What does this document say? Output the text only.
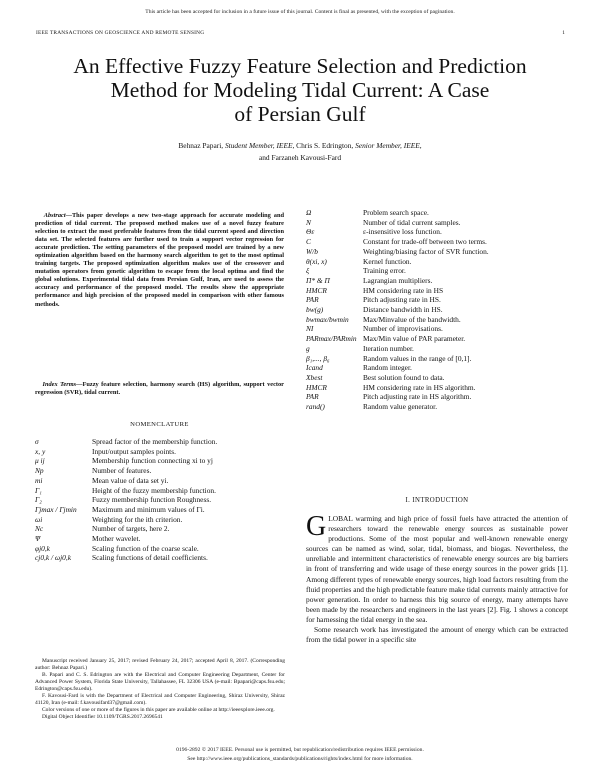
This article has been accepted for inclusion in a future issue of this journal. Content is final as presented, with the exception of pagination.
IEEE TRANSACTIONS ON GEOSCIENCE AND REMOTE SENSING	1
An Effective Fuzzy Feature Selection and Prediction
Method for Modeling Tidal Current: A Case
of Persian Gulf
Behnaz Papari, Student Member, IEEE, Chris S. Edrington, Senior Member, IEEE,
and Farzaneh Kavousi-Fard
Abstract—This paper develops a new two-stage approach for accurate modeling and prediction of tidal current. The proposed method makes use of a novel fuzzy feature selection to extract the most preferable features from the tidal current speed and direction data set. The selected features are further used to train a support vector regression for accurate prediction. The setting parameters of the proposed model are trained by a new optimization algorithm based on the harmony search algorithm to get to the most optimal training targets. The proposed optimization algorithm makes use of the crossover and mutation operators from genetic algorithm to escape from the local optima and find the global solutions. Experimental tidal data from Persian Gulf, Iran, are used to assess the accuracy and performance of the proposed model. The results show the appropriate performance and high precision of the proposed model in comparison with other famous methods.
Index Terms—Fuzzy feature selection, harmony search (HS) algorithm, support vector regression (SVR), tidal current.
NOMENCLATURE
σ	Spread factor of the membership function.
x, y	Input/output samples points.
μ ij	Membership function connecting xi to yj
Np	Number of features.
mi	Mean value of data set yi.
Γ₁	Height of the fuzzy membership function.
Γ₂	Fuzzy membership function Roughness.
Γjmax / Γjmin	Maximum and minimum values of Γi.
ωi	Weighting for the ith criterion.
Nc	Number of targets, here 2.
Ψ	Mother wavelet.
φj0,k	Scaling function of the coarse scale.
cj0,k / ωj0,k	Scaling functions of detail coefficients.
Ω	Problem search space.
N	Number of tidal current samples.
Θε	ε-insensitive loss function.
C	Constant for trade-off between two terms.
W/b	Weighting/biasing factor of SVR function.
θ(xi, x)	Kernel function.
ξ	Training error.
Π* & Π	Lagrangian multipliers.
HMCR	HM considering rate in HS
PAR	Pitch adjusting rate in HS.
bw(g)	Distance bandwidth in HS.
bwmax/bwmin	Max/Minvalue of the bandwidth.
NI	Number of improvisations.
PARmax/PARmin Max/Min value of PAR parameter.
g	Iteration number.
β₁,..., β₆	Random values in the range of [0,1].
Icand	Random integer.
Xbest	Best solution found to data.
HMCR	HM considering rate in HS algorithm.
PAR	Pitch adjusting rate in HS algorithm.
rand()	Random value generator.

Manuscript received January 25, 2017; revised February 24, 2017; accepted April 8, 2017. (Corresponding author: Behnaz Papari.)

B. Papari and C. S. Edrington are with the Electrical and Computer Engineering Department, Center for Advanced Power System, Florida State University, Tallahassee, FL 32306 USA (e-mail: Bpapari@caps.fsu.edu; Edrington@caps.fsu.edu).

F. Kavousi-Fard is with the Department of Electrical and Computer Engineering, Shiraz University, Shiraz 41120, Iran (e-mail: f.kavousifard37@gmail.com).

Color versions of one or more of the figures in this paper are available online at http://ieeexplore.ieee.org.

Digital Object Identifier 10.1109/TGRS.2017.2696541

I. INTRODUCTION

GLOBAL warming and high price of fossil fuels have attracted the attention of researchers toward the renewable energy sources as sustainable power productions. Some of the most popular and well-known renewable energy sources can be named as wind, solar, tidal, biomass, and biogas. Nevertheless, the unreliable and intermittent characteristics of renewable energy sources are big barriers in front of transferring and wide usage of these energy sources in the power grids [1]. Among different types of renewable energy sources, high load factors resulting from the fluid properties and the high predictable feature make tidal currents mainly attractive for power generation. In order to harness this big source of energy, many attempts have been made by the researchers and engineers in the last years [2]. Fig. 1 shows a concept for harnessing the tidal energy in the sea.

Some research work has investigated the amount of energy which can be extracted from the tidal power in a specific site

0196-2892 © 2017 IEEE. Personal use is permitted, but republication/redistribution requires IEEE permission.
See http://www.ieee.org/publications_standards/publications/rights/index.html for more information.
